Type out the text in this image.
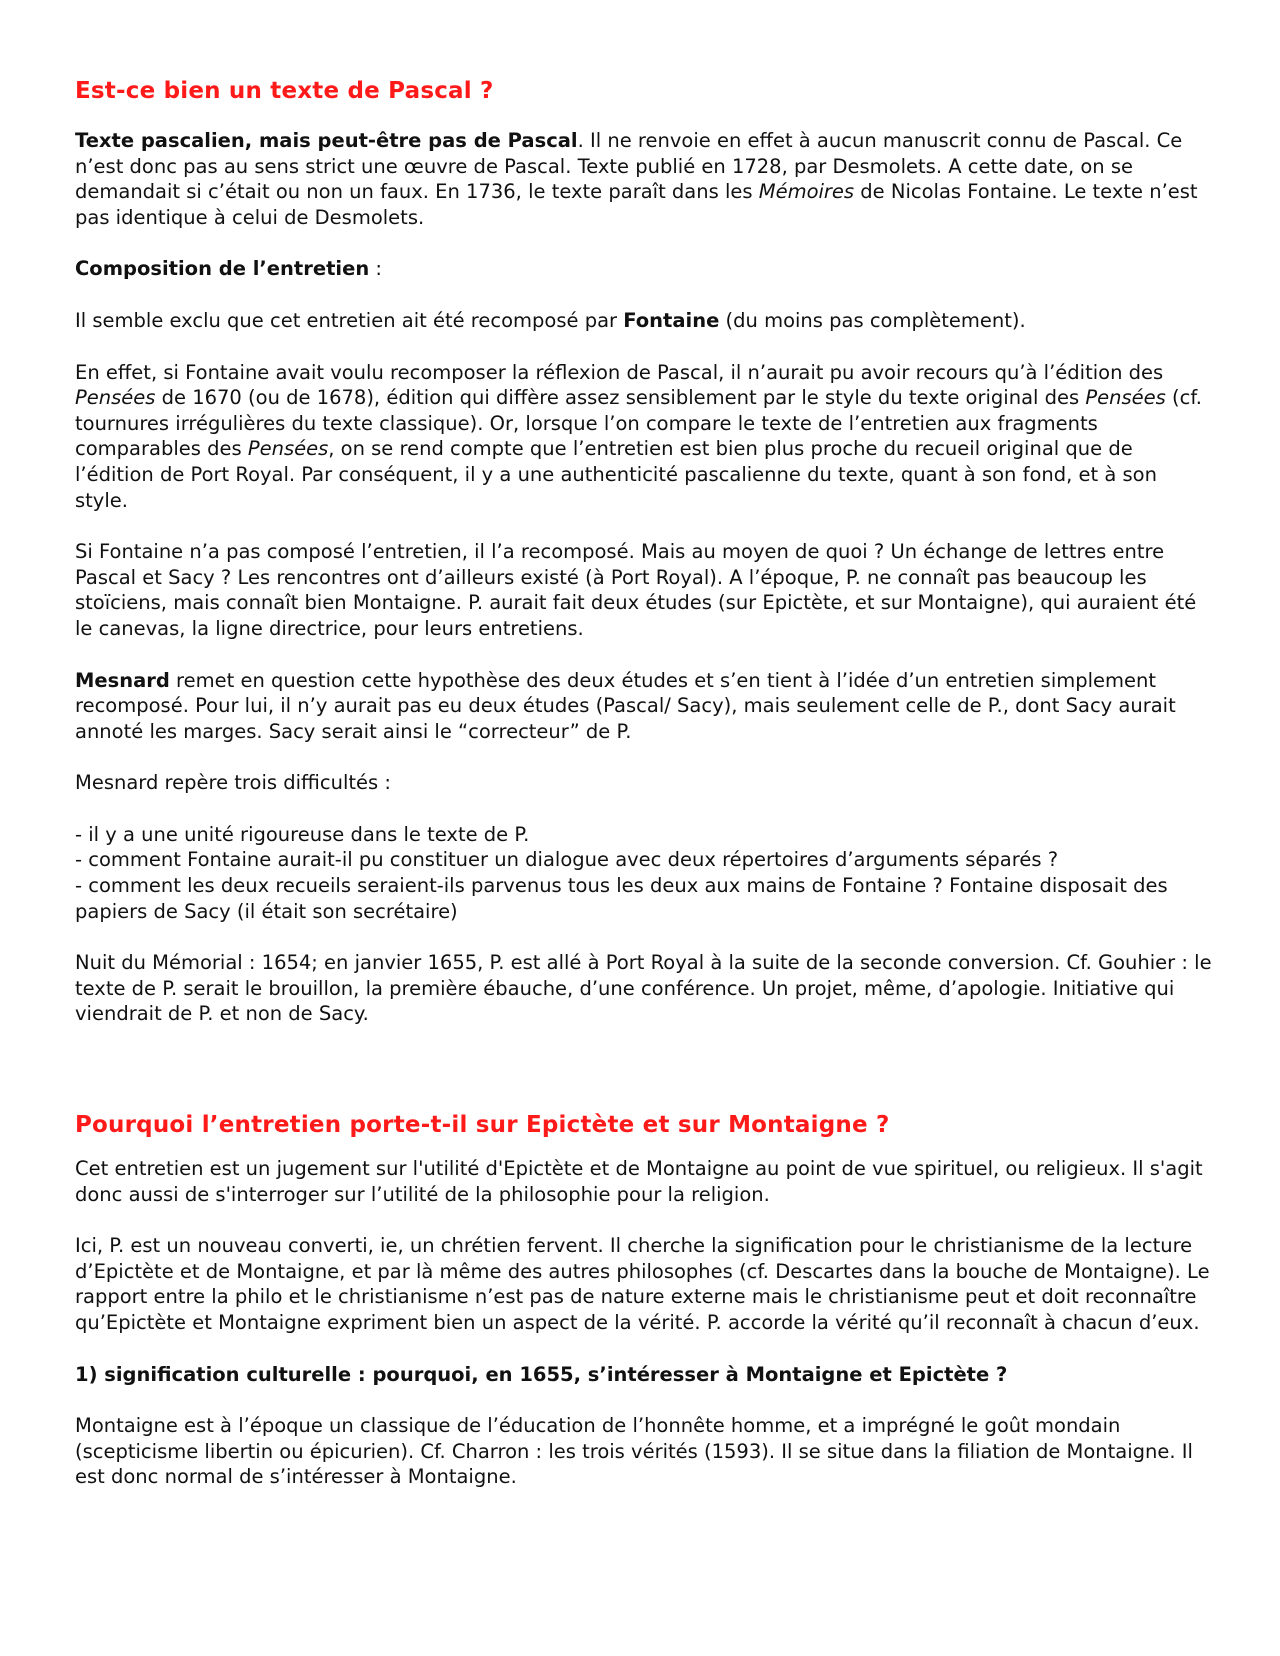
Est-ce bien un texte de Pascal ?

Texte pascalien, mais peut-être pas de Pascal. Il ne renvoie en effet à aucun manuscrit connu de Pascal. Ce n’est donc pas au sens strict une œuvre de Pascal. Texte publié en 1728, par Desmolets. A cette date, on se demandait si c’était ou non un faux. En 1736, le texte paraît dans les Mémoires de Nicolas Fontaine. Le texte n’est pas identique à celui de Desmolets.

Composition de l’entretien :

Il semble exclu que cet entretien ait été recomposé par Fontaine (du moins pas complètement).

En effet, si Fontaine avait voulu recomposer la réflexion de Pascal, il n’aurait pu avoir recours qu’à l’édition des Pensées de 1670 (ou de 1678), édition qui diffère assez sensiblement par le style du texte original des Pensées (cf. tournures irrégulières du texte classique). Or, lorsque l’on compare le texte de l’entretien aux fragments comparables des Pensées, on se rend compte que l’entretien est bien plus proche du recueil original que de l’édition de Port Royal. Par conséquent, il y a une authenticité pascalienne du texte, quant à son fond, et à son style.

Si Fontaine n’a pas composé l’entretien, il l’a recomposé. Mais au moyen de quoi ? Un échange de lettres entre Pascal et Sacy ? Les rencontres ont d’ailleurs existé (à Port Royal). A l’époque, P. ne connaît pas beaucoup les stoïciens, mais connaît bien Montaigne. P. aurait fait deux études (sur Epictète, et sur Montaigne), qui auraient été le canevas, la ligne directrice, pour leurs entretiens.

Mesnard remet en question cette hypothèse des deux études et s’en tient à l’idée d’un entretien simplement recomposé. Pour lui, il n’y aurait pas eu deux études (Pascal/ Sacy), mais seulement celle de P., dont Sacy aurait annoté les marges. Sacy serait ainsi le “correcteur” de P.

Mesnard repère trois difficultés :

- il y a une unité rigoureuse dans le texte de P.
- comment Fontaine aurait-il pu constituer un dialogue avec deux répertoires d’arguments séparés ?
- comment les deux recueils seraient-ils parvenus tous les deux aux mains de Fontaine ? Fontaine disposait des papiers de Sacy (il était son secrétaire)

Nuit du Mémorial : 1654; en janvier 1655, P. est allé à Port Royal à la suite de la seconde conversion. Cf. Gouhier : le texte de P. serait le brouillon, la première ébauche, d’une conférence. Un projet, même, d’apologie. Initiative qui viendrait de P. et non de Sacy.

Pourquoi l’entretien porte-t-il sur Epictète et sur Montaigne ?

Cet entretien est un jugement sur l'utilité d'Epictète et de Montaigne au point de vue spirituel, ou religieux. Il s'agit donc aussi de s'interroger sur l’utilité de la philosophie pour la religion.

Ici, P. est un nouveau converti, ie, un chrétien fervent. Il cherche la signification pour le christianisme de la lecture d’Epictète et de Montaigne, et par là même des autres philosophes (cf. Descartes dans la bouche de Montaigne). Le rapport entre la philo et le christianisme n’est pas de nature externe mais le christianisme peut et doit reconnaître qu’Epictète et Montaigne expriment bien un aspect de la vérité. P. accorde la vérité qu’il reconnaît à chacun d’eux.

1) signification culturelle : pourquoi, en 1655, s’intéresser à Montaigne et Epictète ?

Montaigne est à l’époque un classique de l’éducation de l’honnête homme, et a imprégné le goût mondain (scepticisme libertin ou épicurien). Cf. Charron : les trois vérités (1593). Il se situe dans la filiation de Montaigne. Il est donc normal de s’intéresser à Montaigne.
